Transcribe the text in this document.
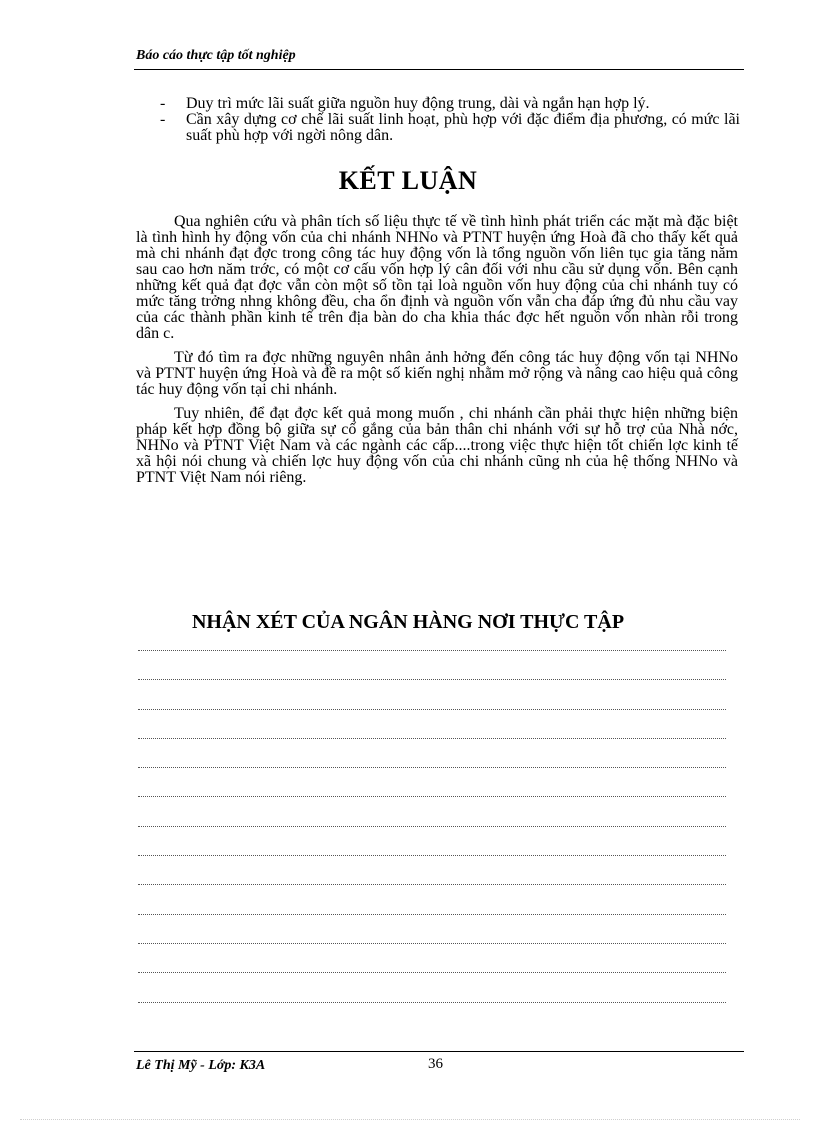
Báo cáo thực tập tốt nghiệp
- Duy trì mức lãi suất giữa nguồn huy động trung, dài và ngắn hạn hợp lý.
- Cần xây dựng cơ chế lãi suất linh hoạt, phù hợp với đặc điểm địa phương, có mức lãi suất phù hợp với ngời nông dân.
KẾT LUẬN

Qua nghiên cứu và phân tích số liệu thực tế về tình hình phát triển các mặt mà đặc biệt là tình hình hy động vốn của chi nhánh NHNo và PTNT huyện ứng Hoà đã cho thấy kết quả mà chi nhánh đạt đợc trong công tác huy động vốn là tổng nguồn vốn liên tục gia tăng năm sau cao hơn năm trớc, có một cơ cấu vốn hợp lý cân đối với nhu cầu sử dụng vốn. Bên cạnh những kết quả đạt đợc vẫn còn một số tồn tại loà nguồn vốn huy động của chi nhánh tuy có mức tăng trởng nhng không đều, cha ổn định và nguồn vốn vẫn cha đáp ứng đủ nhu cầu vay của các thành phần kinh tế trên địa bàn do cha khia thác đợc hết nguồn vốn nhàn rỗi trong dân c.

Từ đó tìm ra đợc những nguyên nhân ảnh hởng đến công tác huy động vốn tại NHNo và PTNT huyện ứng Hoà và đề ra một số kiến nghị nhằm mở rộng và nâng cao hiệu quả công tác huy động vốn tại chi nhánh.

Tuy nhiên, để đạt đợc kết quả mong muốn , chi nhánh cần phải thực hiện những biện pháp kết hợp đồng bộ giữa sự cố gắng của bản thân chi nhánh với sự hỗ trợ của Nhà nớc, NHNo và PTNT Việt Nam và các ngành các cấp....trong việc thực hiện tốt chiến lợc kinh tế xã hội nói chung và chiến lợc huy động vốn của chi nhánh cũng nh của hệ thống NHNo và PTNT Việt Nam nói riêng.

NHẬN XÉT CỦA NGÂN HÀNG NƠI THỰC TẬP
Lê Thị Mỹ - Lớp: K3A	36
